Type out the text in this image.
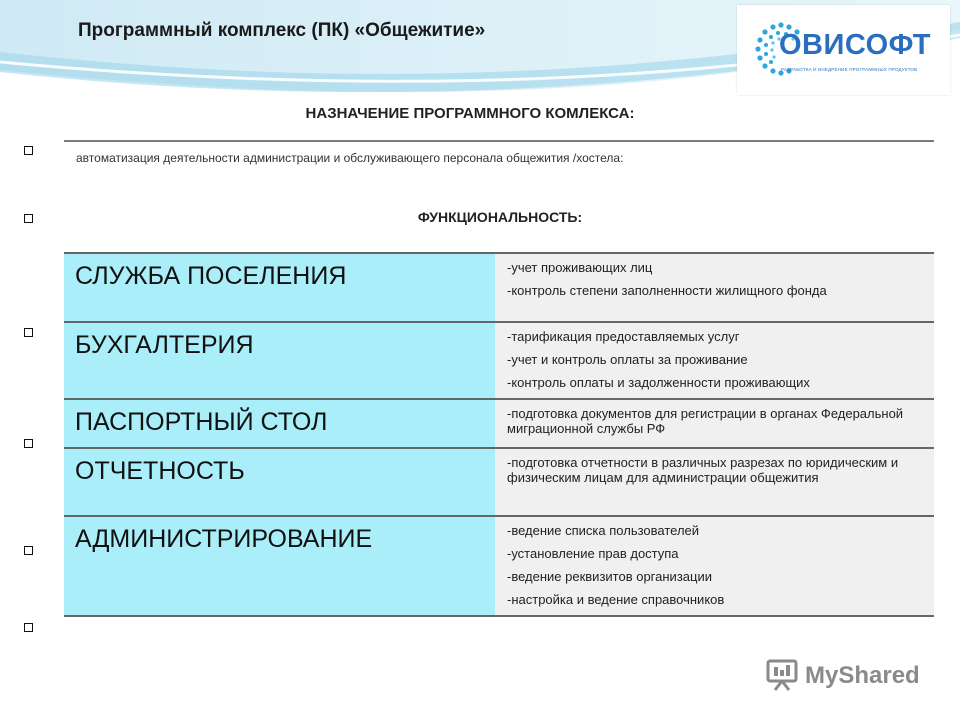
Программный комплекс (ПК) «Общежитие»	ОВИСОФТ
РАЗРАБОТКА И ВНЕДРЕНИЕ ПРОГРАММНЫХ ПРОДУКТОВ
НАЗНАЧЕНИЕ ПРОГРАММНОГО КОМЛЕКСА:
автоматизация деятельности администрации и обслуживающего персонала общежития /хостела:
ФУНКЦИОНАЛЬНОСТЬ:
СЛУЖБА ПОСЕЛЕНИЯ	-учет проживающих лиц
-контроль степени заполненности жилищного фонда

БУХГАЛТЕРИЯ	-тарификация предоставляемых услуг
-учет и контроль оплаты за проживание
-контроль оплаты и задолженности проживающих

ПАСПОРТНЫЙ СТОЛ	-подготовка документов для регистрации в органах Федеральной миграционной службы РФ

ОТЧЕТНОСТЬ	-подготовка отчетности в различных разрезах по юридическим и физическим лицам для администрации общежития

АДМИНИСТРИРОВАНИЕ	-ведение списка пользователей
-установление прав доступа
-ведение реквизитов организации
-настройка и ведение справочников
MyShared
